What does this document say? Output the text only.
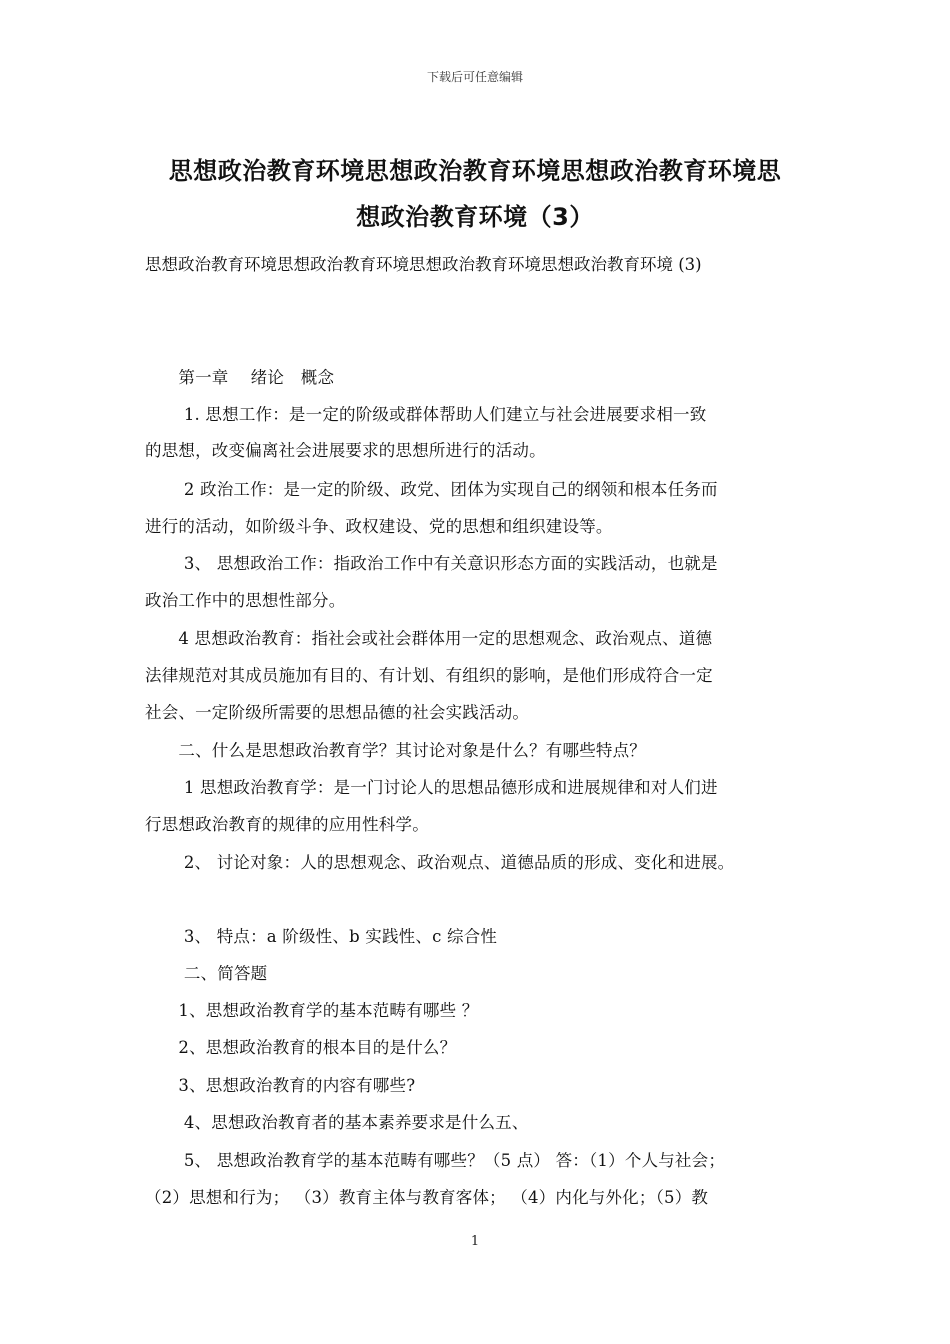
下载后可任意编辑
思想政治教育环境思想政治教育环境思想政治教育环境思
想政治教育环境（3）
思想政治教育环境思想政治教育环境思想政治教育环境思想政治教育环境 (3)
　　第一章　 绪论　概念
　　 1. 思想工作：是一定的阶级或群体帮助人们建立与社会进展要求相一致
的思想，改变偏离社会进展要求的思想所进行的活动。
　　 2 政治工作：是一定的阶级、政党、团体为实现自己的纲领和根本任务而
进行的活动，如阶级斗争、政权建设、党的思想和组织建设等。
　　 3、 思想政治工作：指政治工作中有关意识形态方面的实践活动，也就是
政治工作中的思想性部分。
　　4 思想政治教育：指社会或社会群体用一定的思想观念、政治观点、道德
法律规范对其成员施加有目的、有计划、有组织的影响，是他们形成符合一定
社会、一定阶级所需要的思想品德的社会实践活动。
　　二、什么是思想政治教育学？其讨论对象是什么？有哪些特点？
　　 1 思想政治教育学：是一门讨论人的思想品德形成和进展规律和对人们进
行思想政治教育的规律的应用性科学。
　　 2、 讨论对象：人的思想观念、政治观点、道德品质的形成、变化和进展。
　　 3、 特点：a 阶级性、b 实践性、c 综合性
　　 二、简答题
　　1、思想政治教育学的基本范畴有哪些 ？
　　2、思想政治教育的根本目的是什么？
　　3、思想政治教育的内容有哪些?
　　 4、思想政治教育者的基本素养要求是什么五、
　　 5、 思想政治教育学的基本范畴有哪些？（5 点） 答：（1）个人与社会；
（2）思想和行为； （3）教育主体与教育客体； （4）内化与外化；（5）教
1
